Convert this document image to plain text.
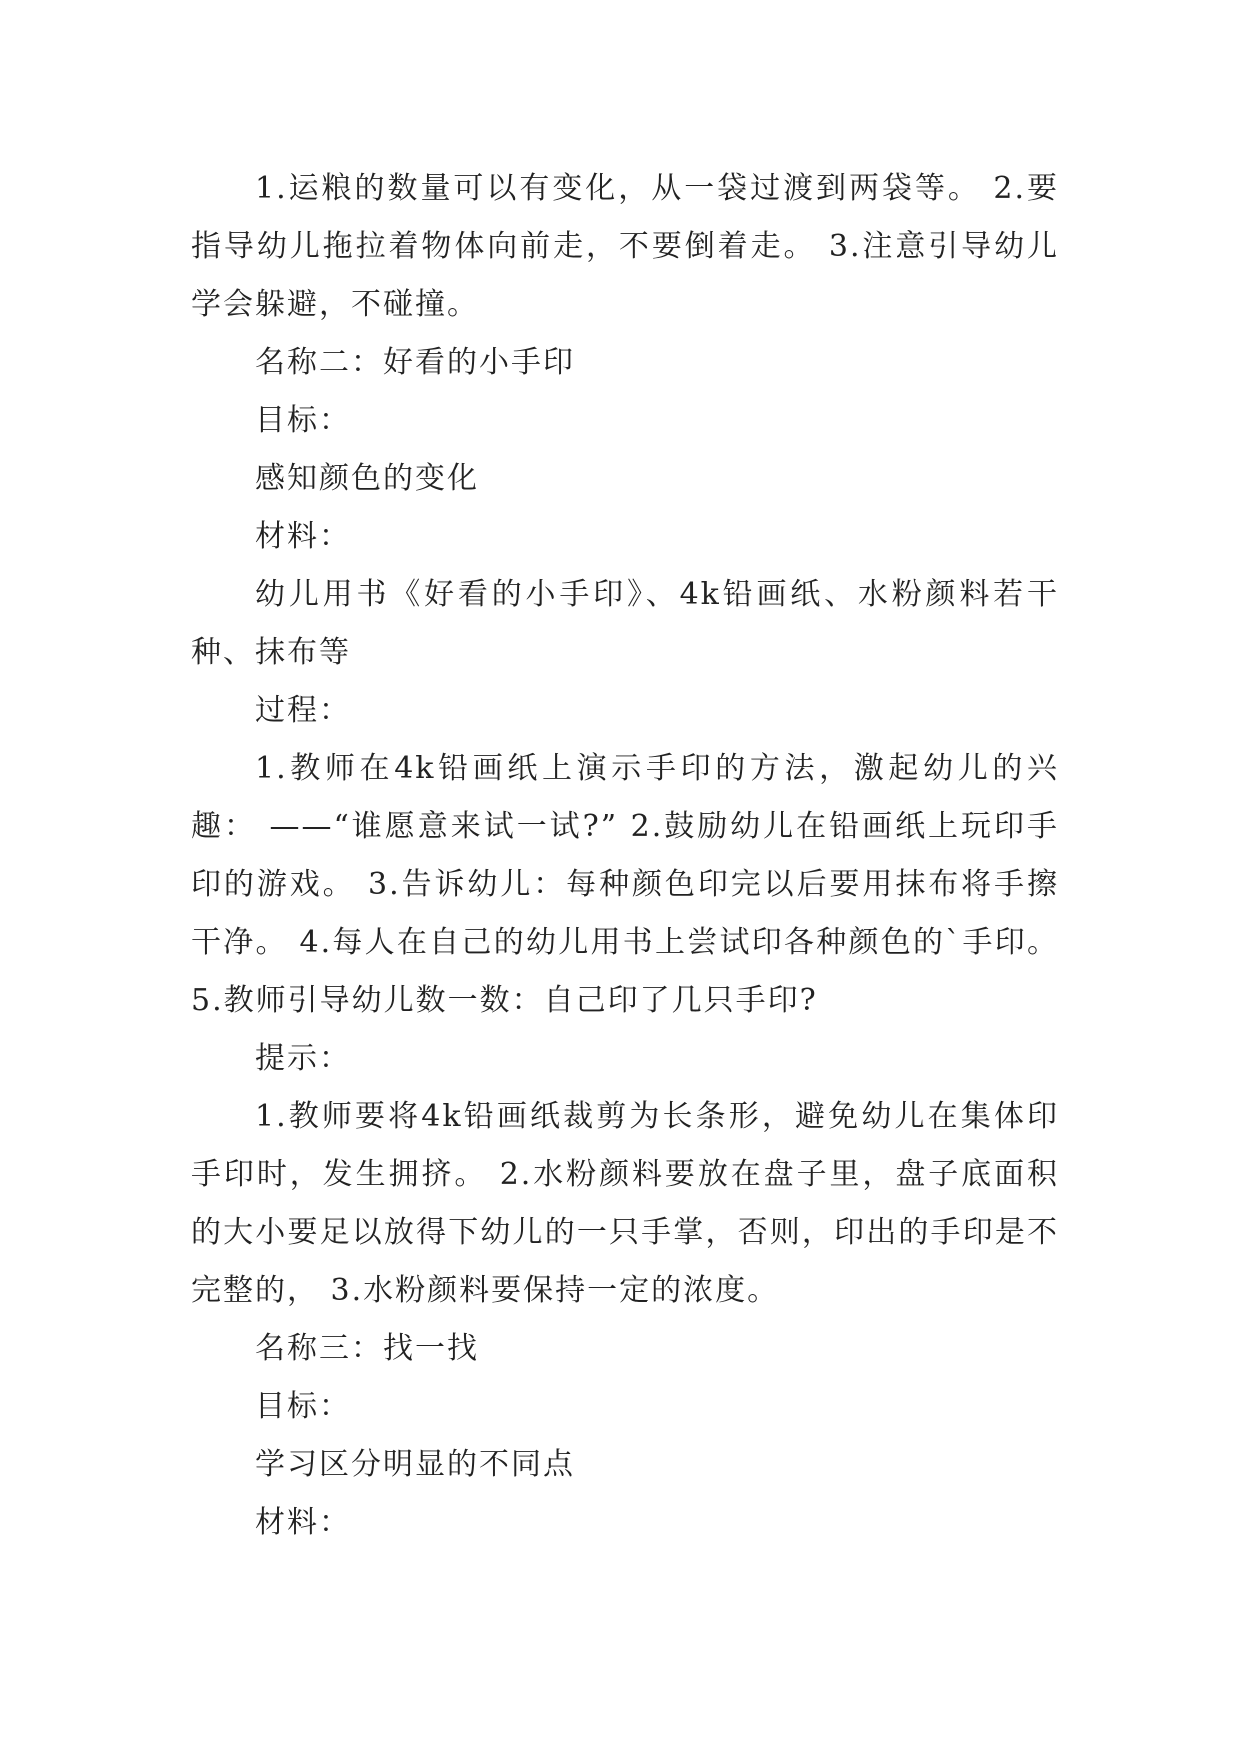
1.运粮的数量可以有变化，从一袋过渡到两袋等。 2.要指导幼儿拖拉着物体向前走，不要倒着走。 3.注意引导幼儿学会躲避，不碰撞。

名称二：好看的小手印

目标：

感知颜色的变化

材料：

幼儿用书《好看的小手印》、4k铅画纸、水粉颜料若干种、抹布等

过程：

1.教师在4k铅画纸上演示手印的方法，激起幼儿的兴趣： ——“谁愿意来试一试?” 2.鼓励幼儿在铅画纸上玩印手印的游戏。 3.告诉幼儿：每种颜色印完以后要用抹布将手擦干净。 4.每人在自己的幼儿用书上尝试印各种颜色的`手印。 5.教师引导幼儿数一数：自己印了几只手印?

提示：

1.教师要将4k铅画纸裁剪为长条形，避免幼儿在集体印手印时，发生拥挤。 2.水粉颜料要放在盘子里，盘子底面积的大小要足以放得下幼儿的一只手掌，否则，印出的手印是不完整的， 3.水粉颜料要保持一定的浓度。

名称三：找一找

目标：

学习区分明显的不同点

材料：
